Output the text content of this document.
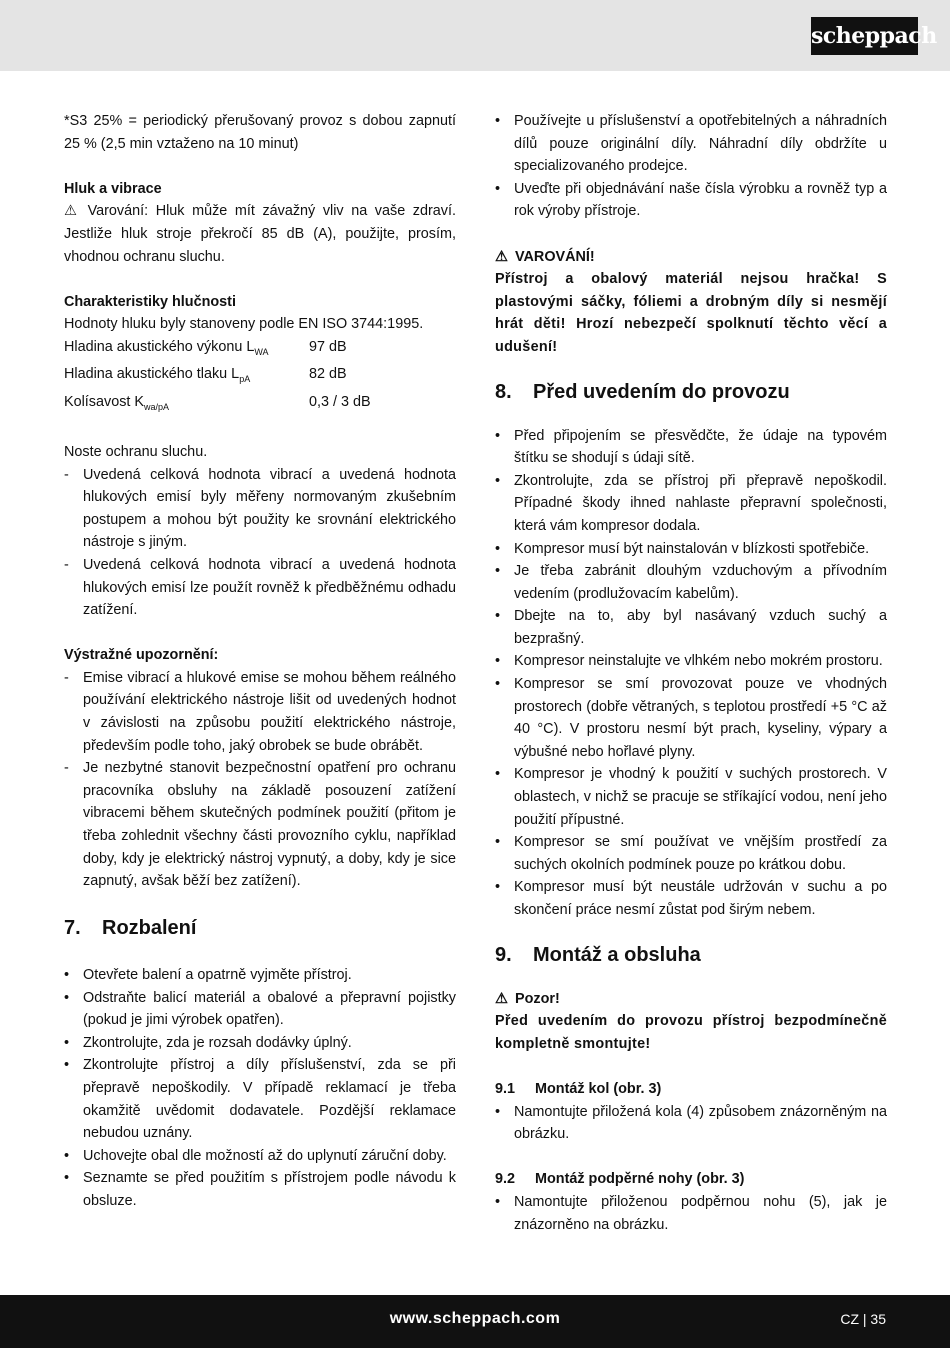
scheppach

*S3 25% = periodický přerušovaný provoz s dobou zapnutí 25 % (2,5 min vztaženo na 10 minut)

Hluk a vibrace

⚠ Varování: Hluk může mít závažný vliv na vaše zdraví. Jestliže hluk stroje překročí 85 dB (A), použijte, prosím, vhodnou ochranu sluchu.

Charakteristiky hlučnosti

Hodnoty hluku byly stanoveny podle EN ISO 3744:1995.

Hladina akustického výkonu $L_{WA}$	97 dB
Hladina akustického tlaku $L_{pA}$	82 dB
Kolísavost $K_{wa/pA}$	0,3 / 3 dB

Noste ochranu sluchu.

- Uvedená celková hodnota vibrací a uvedená hodnota hlukových emisí byly měřeny normovaným zkušebním postupem a mohou být použity ke srovnání elektrického nástroje s jiným.
- Uvedená celková hodnota vibrací a uvedená hodnota hlukových emisí lze použít rovněž k předběžnému odhadu zatížení.

Výstražné upozornění:

- Emise vibrací a hlukové emise se mohou během reálného používání elektrického nástroje lišit od uvedených hodnot v závislosti na způsobu použití elektrického nástroje, především podle toho, jaký obrobek se bude obrábět.
- Je nezbytné stanovit bezpečnostní opatření pro ochranu pracovníka obsluhy na základě posouzení zatížení vibracemi během skutečných podmínek použití (přitom je třeba zohlednit všechny části provozního cyklu, například doby, kdy je elektrický nástroj vypnutý, a doby, kdy je sice zapnutý, avšak běží bez zatížení).
7. Rozbalení
• Otevřete balení a opatrně vyjměte přístroj.
• Odstraňte balicí materiál a obalové a přepravní pojistky (pokud je jimi výrobek opatřen).
• Zkontrolujte, zda je rozsah dodávky úplný.
• Zkontrolujte přístroj a díly příslušenství, zda se při přepravě nepoškodily. V případě reklamací je třeba okamžitě uvědomit dodavatele. Pozdější reklamace nebudou uznány.
• Uchovejte obal dle možností až do uplynutí záruční doby.
• Seznamte se před použitím s přístrojem podle návodu k obsluze.
• Používejte u příslušenství a opotřebitelných a náhradních dílů pouze originální díly. Náhradní díly obdržíte u specializovaného prodejce.
• Uveďte při objednávání naše čísla výrobku a rovněž typ a rok výroby přístroje.

⚠ VAROVÁNÍ!

Přístroj a obalový materiál nejsou hračka! S plastovými sáčky, fóliemi a drobným díly si nesmějí hrát děti! Hrozí nebezpečí spolknutí těchto věcí a udušení!

8. Před uvedením do provozu
• Před připojením se přesvědčte, že údaje na typovém štítku se shodují s údaji sítě.
• Zkontrolujte, zda se přístroj při přepravě nepoškodil. Případné škody ihned nahlaste přepravní společnosti, která vám kompresor dodala.
• Kompresor musí být nainstalován v blízkosti spotřebiče.
• Je třeba zabránit dlouhým vzduchovým a přívodním vedením (prodlužovacím kabelům).
• Dbejte na to, aby byl nasávaný vzduch suchý a bezprašný.
• Kompresor neinstalujte ve vlhkém nebo mokrém prostoru.
• Kompresor se smí provozovat pouze ve vhodných prostorech (dobře větraných, s teplotou prostředí +5 °C až 40 °C). V prostoru nesmí být prach, kyseliny, výpary a výbušné nebo hořlavé plyny.
• Kompresor je vhodný k použití v suchých prostorech. V oblastech, v nichž se pracuje se stříkající vodou, není jeho použití přípustné.
• Kompresor se smí používat ve vnějším prostředí za suchých okolních podmínek pouze po krátkou dobu.
• Kompresor musí být neustále udržován v suchu a po skončení práce nesmí zůstat pod širým nebem.
9. Montáž a obsluha

⚠ Pozor!

Před uvedením do provozu přístroj bezpodmínečně kompletně smontujte!

9.1 Montáž kol (obr. 3)

• Namontujte přiložená kola (4) způsobem znázorněným na obrázku.

9.2 Montáž podpěrné nohy (obr. 3)

• Namontujte přiloženou podpěrnou nohu (5), jak je znázorněno na obrázku.
www.scheppach.com	CZ | 35
